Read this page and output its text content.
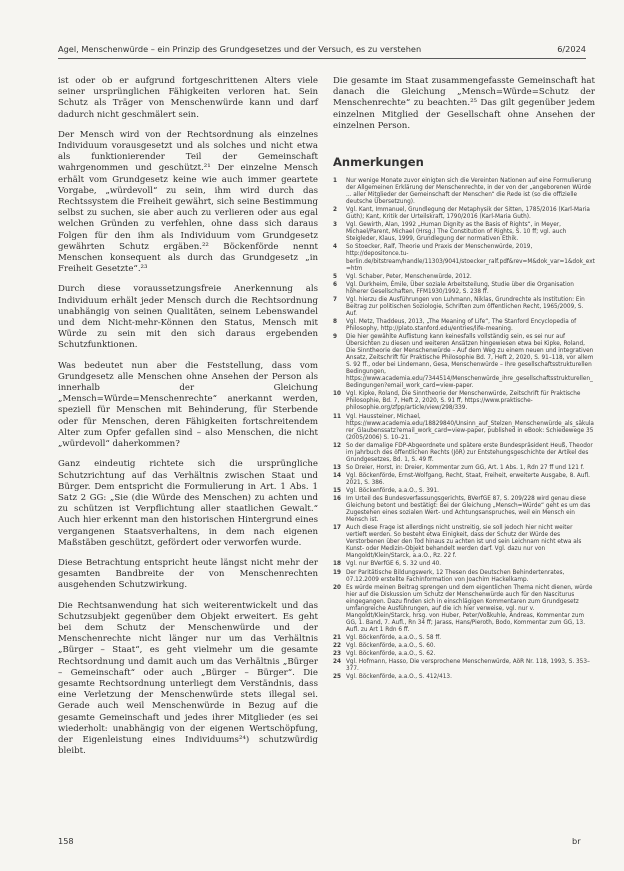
Agel, Menschenwürde – ein Prinzip des Grundgesetzes und der Versuch, es zu verstehen	6/2024

ist oder ob er aufgrund fortgeschrittenen Alters viele seiner ursprünglichen Fähigkeiten verloren hat. Sein Schutz als Träger von Menschenwürde kann und darf dadurch nicht geschmälert sein.

Der Mensch wird von der Rechtsordnung als einzelnes Individuum vorausgesetzt und als solches und nicht etwa als funktionierender Teil der Gemeinschaft wahrgenommen und geschützt.²¹ Der einzelne Mensch erhält vom Grundgesetz keine wie auch immer geartete Vorgabe, „würdevoll“ zu sein, ihm wird durch das Rechtssystem die Freiheit gewährt, sich seine Bestimmung selbst zu suchen, sie aber auch zu verlieren oder aus egal welchen Gründen zu verfehlen, ohne dass sich daraus Folgen für den ihm als Individuum vom Grundgesetz gewährten Schutz ergäben.²² Böckenförde nennt Menschen konsequent als durch das Grundgesetz „in Freiheit Gesetzte“.²³

Durch diese voraussetzungsfreie Anerkennung als Individuum erhält jeder Mensch durch die Rechtsordnung unabhängig von seinen Qualitäten, seinem Lebenswandel und dem Nicht-mehr-Können den Status, Mensch mit Würde zu sein mit den sich daraus ergebenden Schutzfunktionen.

Was bedeutet nun aber die Feststellung, dass vom Grundgesetz alle Menschen ohne Ansehen der Person als innerhalb der Gleichung „Mensch=Würde=Menschenrechte“ anerkannt werden, speziell für Menschen mit Behinderung, für Sterbende oder für Menschen, deren Fähigkeiten fortschreitendem Alter zum Opfer gefallen sind – also Menschen, die nicht „würdevoll“ daherkommen?

Ganz eindeutig richtete sich die ursprüngliche Schutzrichtung auf das Verhältnis zwischen Staat und Bürger. Dem entspricht die Formulierung in Art. 1 Abs. 1 Satz 2 GG: „Sie (die Würde des Menschen) zu achten und zu schützen ist Verpflichtung aller staatlichen Gewalt.“ Auch hier erkennt man den historischen Hintergrund eines vergangenen Staatsverhaltens, in dem nach eigenen Maßstäben geschützt, gefördert oder verworfen wurde.

Diese Betrachtung entspricht heute längst nicht mehr der gesamten Bandbreite der von Menschenrechten ausgehenden Schutzwirkung.

Die Rechtsanwendung hat sich weiterentwickelt und das Schutzsubjekt gegenüber dem Objekt erweitert. Es geht bei dem Schutz der Menschenwürde und der Menschenrechte nicht länger nur um das Verhältnis „Bürger – Staat“, es geht vielmehr um die gesamte Rechtsordnung und damit auch um das Verhältnis „Bürger – Gemeinschaft“ oder auch „Bürger – Bürger“. Die gesamte Rechtsordnung unterliegt dem Verständnis, dass eine Verletzung der Menschenwürde stets illegal sei. Gerade auch weil Menschenwürde in Bezug auf die gesamte Gemeinschaft und jedes ihrer Mitglieder (es sei wiederholt: unabhängig von der eigenen Wertschöpfung, der Eigenleistung eines Individuums²⁴) schutzwürdig bleibt.

Die gesamte im Staat zusammengefasste Gemeinschaft hat danach die Gleichung „Mensch=Würde=Schutz der Menschenrechte“ zu beachten.²⁵ Das gilt gegenüber jedem einzelnen Mitglied der Gesellschaft ohne Ansehen der einzelnen Person.

Anmerkungen
1	Nur wenige Monate zuvor einigten sich die Vereinten Nationen auf eine Formulierung der Allgemeinen Erklärung der Menschenrechte, in der von der „angeborenen Würde ... aller Mitglieder der Gemeinschaft der Menschen“ die Rede ist (so die offizielle deutsche Übersetzung).
2	Vgl. Kant, Immanuel, Grundlegung der Metaphysik der Sitten, 1785/2016 (Karl-Maria Guth); Kant, Kritik der Urteilskraft, 1790/2016 (Karl-Maria Guth).
3	Vgl. Gewirth, Alan, 1992 „Human Dignity as the Basis of Rights“, in Meyer, Michael/Parent, Michael (Hrsg.) The Constitution of Rights, S. 10 ff; vgl. auch Steigleder, Klaus, 1999, Grundlegung der normativen Ethik.
4	So Stoecker, Ralf, Theorie und Praxis der Menschenwürde, 2019, http://depositonce.tu-berlin.de/bitstream/handle/11303/9041/stoecker_ralf.pdf&rev=M&dok_var=1&dok_ext=htm
5	Vgl. Schaber, Peter, Menschenwürde, 2012.
6	Vgl. Durkheim, Émile, Über soziale Arbeitsteilung, Studie über die Organisation höherer Gesellschaften, FFM1930/1992, S. 238 ff.
7	Vgl. hierzu die Ausführungen von Luhmann, Niklas, Grundrechte als Institution: Ein Beitrag zur politischen Soziologie, Schriften zum öffentlichen Recht, 1965/2009, S. Auf.
8	Vgl. Metz, Thaddeus, 2013, „The Meaning of Life“, The Stanford Encyclopedia of Philosophy, http://plato.stanford.edu/entries/life-meaning.
9	Die hier gewählte Auflistung kann keinesfalls vollständig sein, es sei nur auf Übersichten zu diesen und weiteren Ansätzen hingewiesen etwa bei Kipke, Roland, Die Sinntheorie der Menschenwürde – Auf dem Weg zu einem neuen und integrativen Ansatz, Zeitschrift für Praktische Philosophie Bd. 7, Heft 2, 2020, S. 91–118, vor allem S. 92 ff., oder bei Lindemann, Gesa, Menschenwürde – Ihre gesellschaftsstrukturellen Bedingungen, https://www.academia.edu/7344514/Menschenwürde_ihre_gesellschaftsstrukturellen_Bedingungen?email_work_card=view-paper.
10 Vgl. Kipke, Roland, Die Sinntheorie der Menschenwürde, Zeitschrift für Praktische Philosophie, Bd. 7, Heft 2, 2020, S. 91 ff, https://www.praktische-philosophie.org/zfpp/article/view/298/339.
11 Vgl. Haussteiner, Michael, https://www.academia.edu/18829840/Unsinn_auf_Stelzen_Menschenwürde_als_säkularer_Glaubenssatz?email_work_card=view-paper, published in eBook: Schiedewege 35 (2005/2006) S. 10–21.
12 So der damalige FDP-Abgeordnete und spätere erste Bundespräsident Heuß, Theodor im Jahrbuch des öffentlichen Rechts (JöR) zur Entstehungsgeschichte der Artikel des Grundgesetzes, Bd. 1, S. 49 ff.
13 So Dreier, Horst, in: Dreier, Kommentar zum GG, Art. 1 Abs. 1, Rdn 27 ff und 121 f.
14 Vgl. Böckenförde, Ernst-Wolfgang, Recht, Staat, Freiheit, erweiterte Ausgabe, 8. Aufl. 2021, S. 386.
15 Vgl. Böckenförde, a.a.O., S. 391.
16 Im Urteil des Bundesverfassungsgerichts, BVerfGE 87, S. 209/228 wird genau diese Gleichung betont und bestätigt: Bei der Gleichung „Mensch=Würde“ geht es um das Zugestehen eines sozialen Wert- und Achtungsanspruches, weil ein Mensch ein Mensch ist.
17 Auch diese Frage ist allerdings nicht unstreitig, sie soll jedoch hier nicht weiter vertieft werden. So besteht etwa Einigkeit, dass der Schutz der Würde des Verstorbenen über den Tod hinaus zu achten ist und sein Leichnam nicht etwa als Kunst- oder Medizin-Objekt behandelt werden darf. Vgl. dazu nur von Mangoldt/Klein/Starck, a.a.O., Rz. 22 f.
18 Vgl. nur BVerfGE 6, S. 32 und 40.
19 Der Paritätische Bildungswerk, 12 Thesen des Deutschen Behindertenrates, 07.12.2009 erstellte Fachinformation von Joachim Hackelkamp.
20 Es würde meinen Beitrag sprengen und dem eigentlichen Thema nicht dienen, würde hier auf die Diskussion um Schutz der Menschenwürde auch für den Nasciturus eingegangen. Dazu finden sich in einschlägigen Kommentaren zum Grundgesetz umfangreiche Ausführungen, auf die ich hier verweise, vgl. nur v. Mangoldt/Klein/Starck, hrsg. von Huber, Peter/Voßkuhle, Andreas, Kommentar zum GG, 1. Band, 7. Aufl., Rn 34 ff; Jarass, Hans/Pieroth, Bodo, Kommentar zum GG, 13. Aufl. zu Art 1 Rdn 6 ff.
21 Vgl. Böckenförde, a.a.O., S. 58 ff.
22 Vgl. Böckenförde, a.a.O., S. 60.
23 Vgl. Böckenförde, a.a.O., S. 62.
24 Vgl. Hofmann, Hasso, Die versprochene Menschenwürde, AöR Nr. 118, 1993, S. 353–377.
25 Vgl. Böckenförde, a.a.O., S. 412/413.
158	br
